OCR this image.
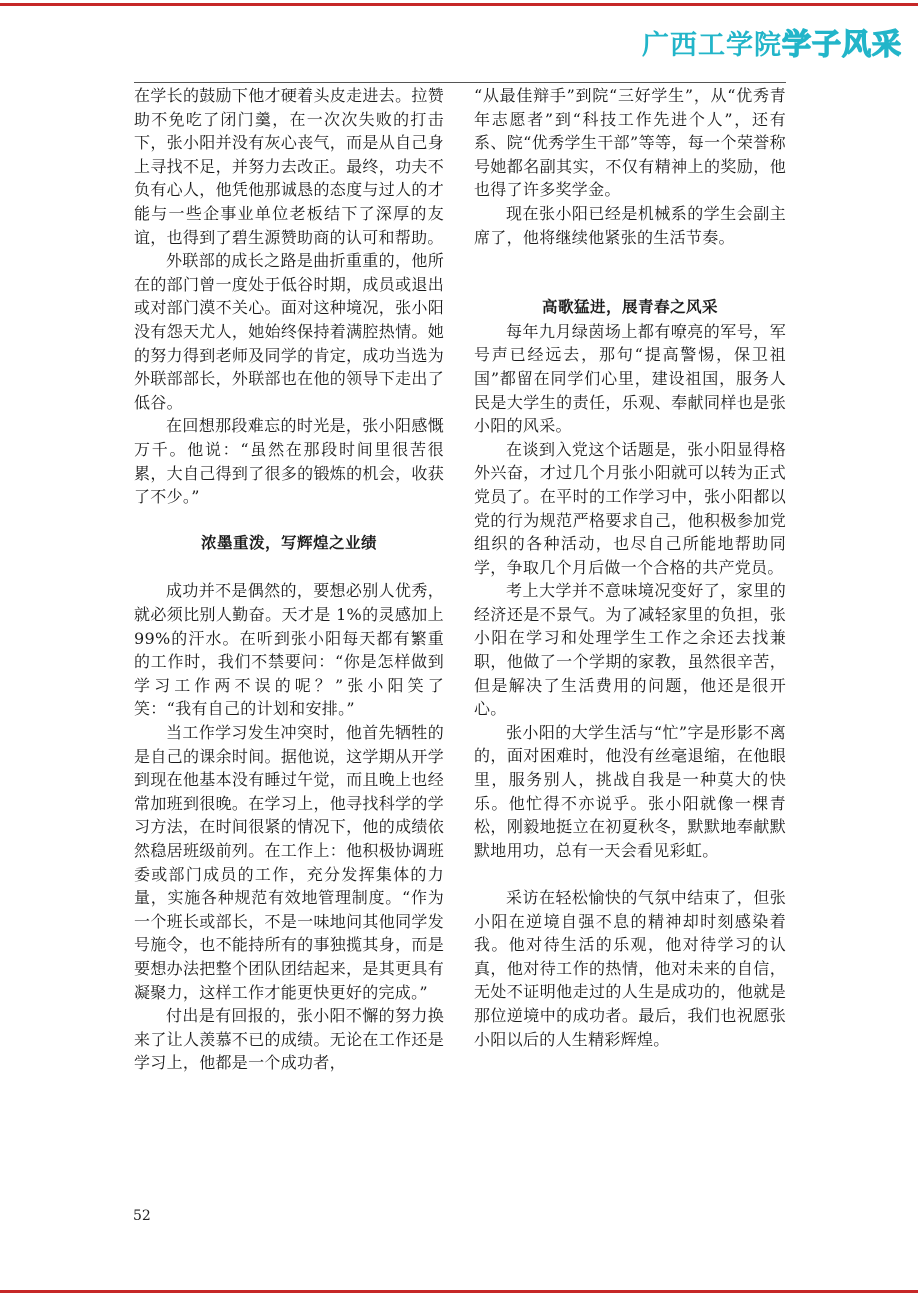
广西工学院学子风采

在学长的鼓励下他才硬着头皮走进去。拉赞助不免吃了闭门羹，在一次次失败的打击下，张小阳并没有灰心丧气，而是从自己身上寻找不足，并努力去改正。最终，功夫不负有心人，他凭他那诚恳的态度与过人的才能与一些企事业单位老板结下了深厚的友谊，也得到了碧生源赞助商的认可和帮助。

外联部的成长之路是曲折重重的，他所在的部门曾一度处于低谷时期，成员或退出或对部门漠不关心。面对这种境况，张小阳没有怨天尤人，她始终保持着满腔热情。她的努力得到老师及同学的肯定，成功当选为外联部部长，外联部也在他的领导下走出了低谷。

在回想那段难忘的时光是，张小阳感慨万千。他说：“虽然在那段时间里很苦很累，大自己得到了很多的锻炼的机会，收获了不少。”

浓墨重泼，写辉煌之业绩

成功并不是偶然的，要想必别人优秀，就必须比别人勤奋。天才是 1%的灵感加上 99%的汗水。在听到张小阳每天都有繁重的工作时，我们不禁要问：“你是怎样做到学习工作两不误的呢？”张小阳笑了笑：“我有自己的计划和安排。”

当工作学习发生冲突时，他首先牺牲的是自己的课余时间。据他说，这学期从开学到现在他基本没有睡过午觉，而且晚上也经常加班到很晚。在学习上，他寻找科学的学习方法，在时间很紧的情况下，他的成绩依然稳居班级前列。在工作上：他积极协调班委或部门成员的工作，充分发挥集体的力量，实施各种规范有效地管理制度。“作为一个班长或部长，不是一味地问其他同学发号施令，也不能持所有的事独揽其身，而是要想办法把整个团队团结起来，是其更具有凝聚力，这样工作才能更快更好的完成。”

付出是有回报的，张小阳不懈的努力换来了让人羡慕不已的成绩。无论在工作还是学习上，他都是一个成功者，

“从最佳辩手”到院“三好学生”，从“优秀青年志愿者”到“科技工作先进个人”，还有系、院“优秀学生干部”等等，每一个荣誉称号她都名副其实，不仅有精神上的奖励，他也得了许多奖学金。

现在张小阳已经是机械系的学生会副主席了，他将继续他紧张的生活节奏。

高歌猛进，展青春之风采

每年九月绿茵场上都有嘹亮的军号，军号声已经远去，那句“提高警惕，保卫祖国”都留在同学们心里，建设祖国，服务人民是大学生的责任，乐观、奉献同样也是张小阳的风采。

在谈到入党这个话题是，张小阳显得格外兴奋，才过几个月张小阳就可以转为正式党员了。在平时的工作学习中，张小阳都以党的行为规范严格要求自己，他积极参加党组织的各种活动，也尽自己所能地帮助同学，争取几个月后做一个合格的共产党员。

考上大学并不意味境况变好了，家里的经济还是不景气。为了减轻家里的负担，张小阳在学习和处理学生工作之余还去找兼职，他做了一个学期的家教，虽然很辛苦，但是解决了生活费用的问题，他还是很开心。

张小阳的大学生活与“忙”字是形影不离的，面对困难时，他没有丝毫退缩，在他眼里，服务别人，挑战自我是一种莫大的快乐。他忙得不亦说乎。张小阳就像一棵青松，刚毅地挺立在初夏秋冬，默默地奉献默默地用功，总有一天会看见彩虹。

采访在轻松愉快的气氛中结束了，但张小阳在逆境自强不息的精神却时刻感染着我。他对待生活的乐观，他对待学习的认真，他对待工作的热情，他对未来的自信，无处不证明他走过的人生是成功的，他就是那位逆境中的成功者。最后，我们也祝愿张小阳以后的人生精彩辉煌。

52
